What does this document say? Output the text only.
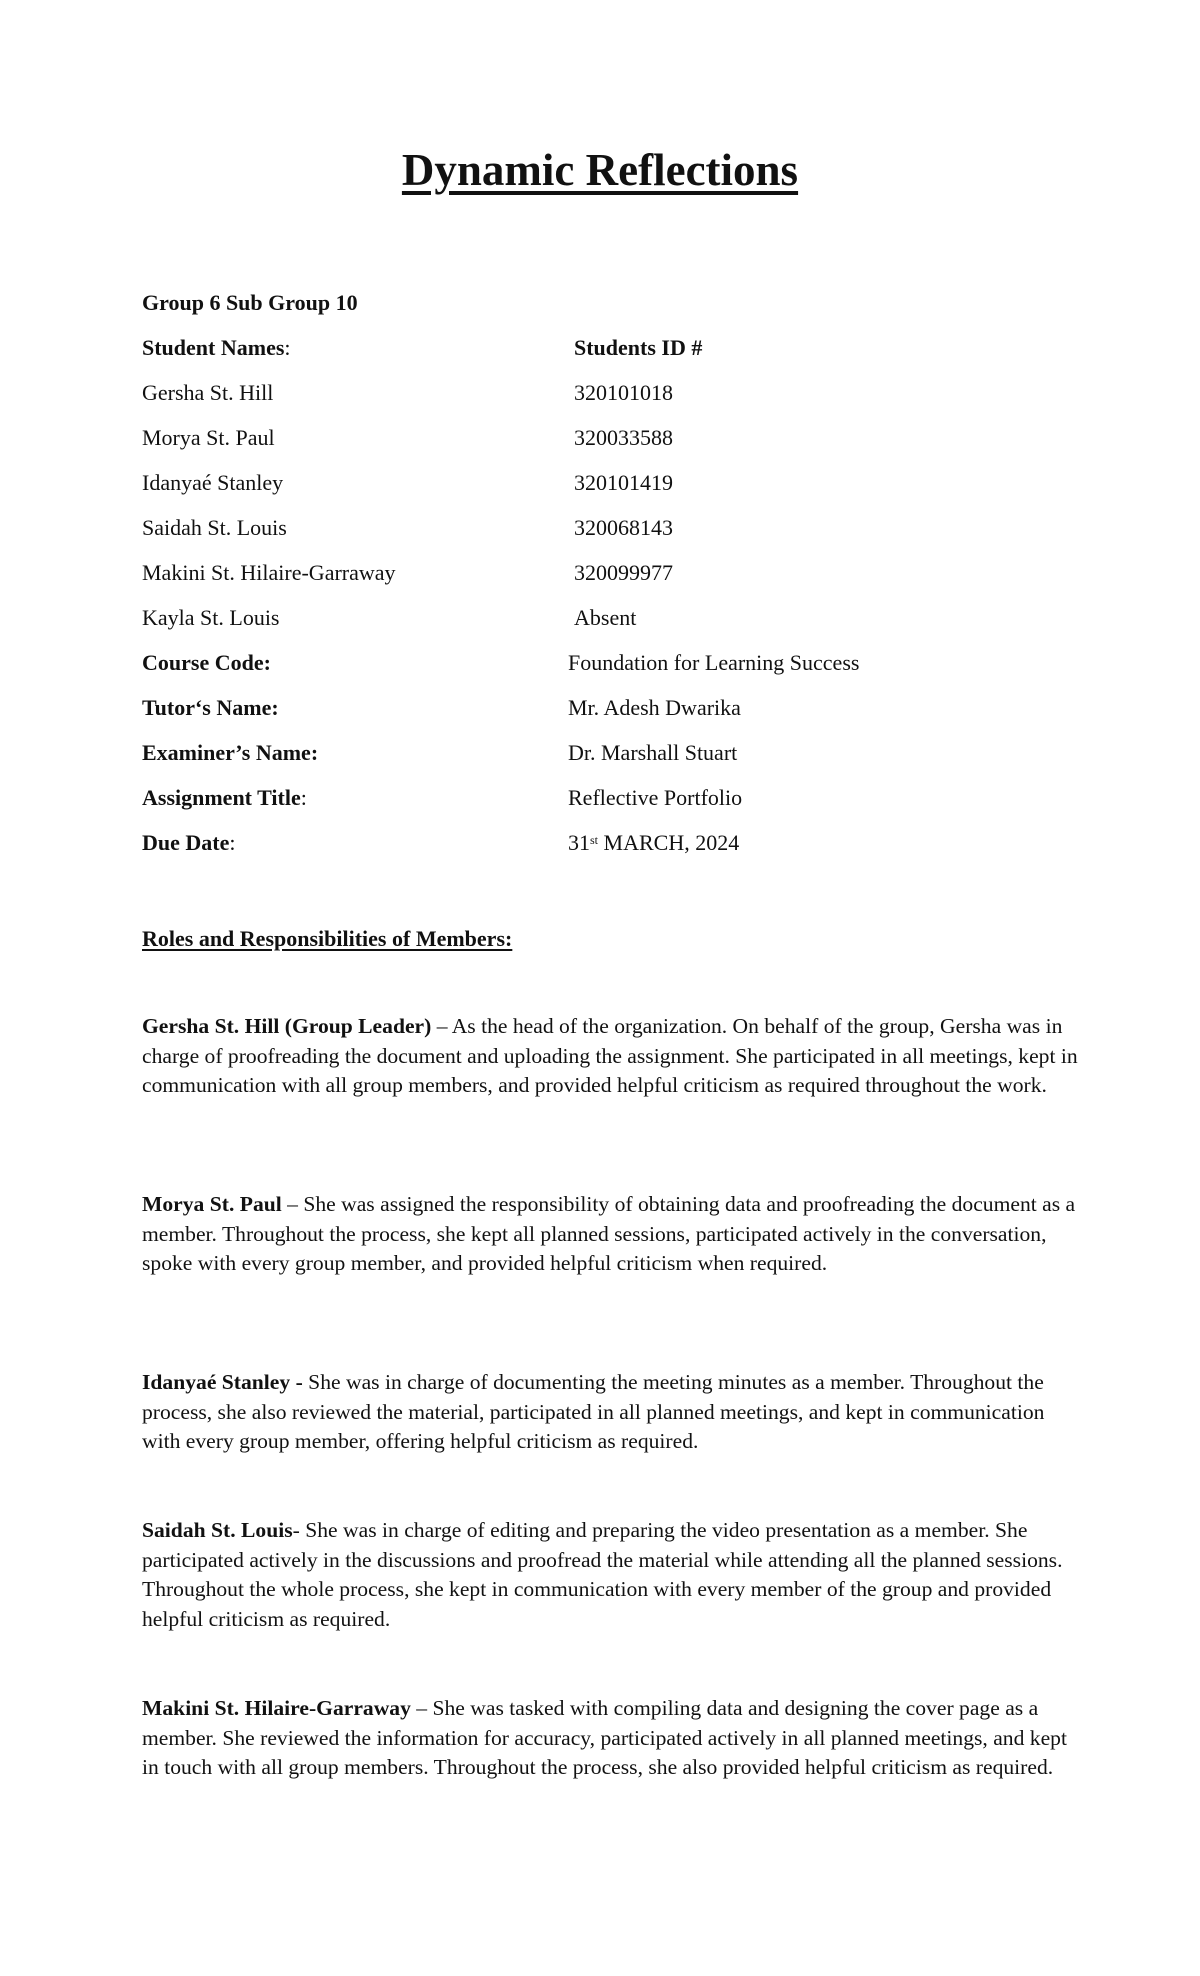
Dynamic Reflections
Group 6 Sub Group 10
Student Names:	Students ID #
Gersha St. Hill	320101018
Morya St. Paul	320033588
Idanyaé Stanley	320101419
Saidah St. Louis	320068143
Makini St. Hilaire-Garraway	320099977
Kayla St. Louis	Absent
Course Code:	Foundation for Learning Success
Tutor‘s Name:	Mr. Adesh Dwarika
Examiner’s Name:	Dr. Marshall Stuart
Assignment Title:	Reflective Portfolio
Due Date:	31st MARCH, 2024
Roles and Responsibilities of Members:

Gersha St. Hill (Group Leader) – As the head of the organization. On behalf of the group, Gersha was in charge of proofreading the document and uploading the assignment. She participated in all meetings, kept in communication with all group members, and provided helpful criticism as required throughout the work.

Morya St. Paul – She was assigned the responsibility of obtaining data and proofreading the document as a member. Throughout the process, she kept all planned sessions, participated actively in the conversation, spoke with every group member, and provided helpful criticism when required.

Idanyaé Stanley - She was in charge of documenting the meeting minutes as a member. Throughout the process, she also reviewed the material, participated in all planned meetings, and kept in communication with every group member, offering helpful criticism as required.

Saidah St. Louis- She was in charge of editing and preparing the video presentation as a member. She participated actively in the discussions and proofread the material while attending all the planned sessions. Throughout the whole process, she kept in communication with every member of the group and provided helpful criticism as required.

Makini St. Hilaire-Garraway – She was tasked with compiling data and designing the cover page as a member. She reviewed the information for accuracy, participated actively in all planned meetings, and kept in touch with all group members. Throughout the process, she also provided helpful criticism as required.
